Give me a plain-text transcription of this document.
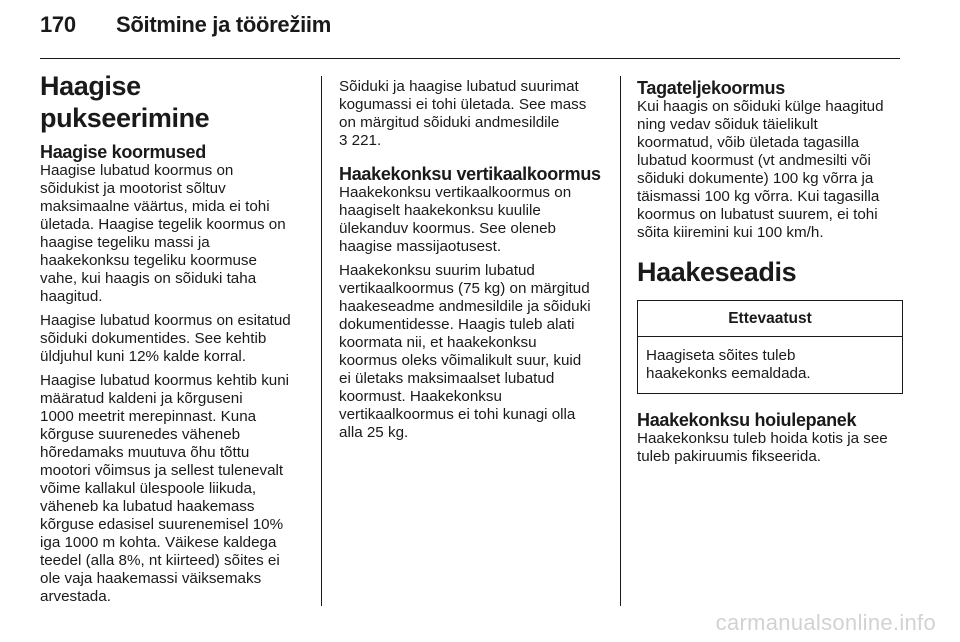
170 Sõitmine ja töörežiim
Haagise pukseerimine
Haagise koormused

Haagise lubatud koormus on
sõidukist ja mootorist sõltuv
maksimaalne väärtus, mida ei tohi
ületada. Haagise tegelik koormus on
haagise tegeliku massi ja
haakekonksu tegeliku koormuse
vahe, kui haagis on sõiduki taha
haagitud.

Haagise lubatud koormus on esitatud
sõiduki dokumentides. See kehtib
üldjuhul kuni 12% kalde korral.

Haagise lubatud koormus kehtib kuni
määratud kaldeni ja kõrguseni
1000 meetrit merepinnast. Kuna
kõrguse suurenedes väheneb
hõredamaks muutuva õhu tõttu
mootori võimsus ja sellest tulenevalt
võime kallakul ülespoole liikuda,
väheneb ka lubatud haakemass
kõrguse edasisel suurenemisel 10%
iga 1000 m kohta. Väikese kaldega
teedel (alla 8%, nt kiirteed) sõites ei
ole vaja haakemassi väiksemaks
arvestada.

Sõiduki ja haagise lubatud suurimat
kogumassi ei tohi ületada. See mass
on märgitud sõiduki andmesildile
3 221.

Haakekonksu vertikaalkoormus

Haakekonksu vertikaalkoormus on
haagiselt haakekonksu kuulile
ülekanduv koormus. See oleneb
haagise massijaotusest.

Haakekonksu suurim lubatud
vertikaalkoormus (75 kg) on märgitud
haakeseadme andmesildile ja sõiduki
dokumentidesse. Haagis tuleb alati
koormata nii, et haakekonksu
koormus oleks võimalikult suur, kuid
ei ületaks maksimaalset lubatud
koormust. Haakekonksu
vertikaalkoormus ei tohi kunagi olla
alla 25 kg.

Tagateljekoormus

Kui haagis on sõiduki külge haagitud
ning vedav sõiduk täielikult
koormatud, võib ületada tagasilla
lubatud koormust (vt andmesilti või
sõiduki dokumente) 100 kg võrra ja
täismassi 100 kg võrra. Kui tagasilla
koormus on lubatust suurem, ei tohi
sõita kiiremini kui 100 km/h.

Haakeseadis
Ettevaatust
Haagiseta sõites tuleb
haakekonks eemaldada.
Haakekonksu hoiulepanek

Haakekonksu tuleb hoida kotis ja see
tuleb pakiruumis fikseerida.

carmanualsonline.info
